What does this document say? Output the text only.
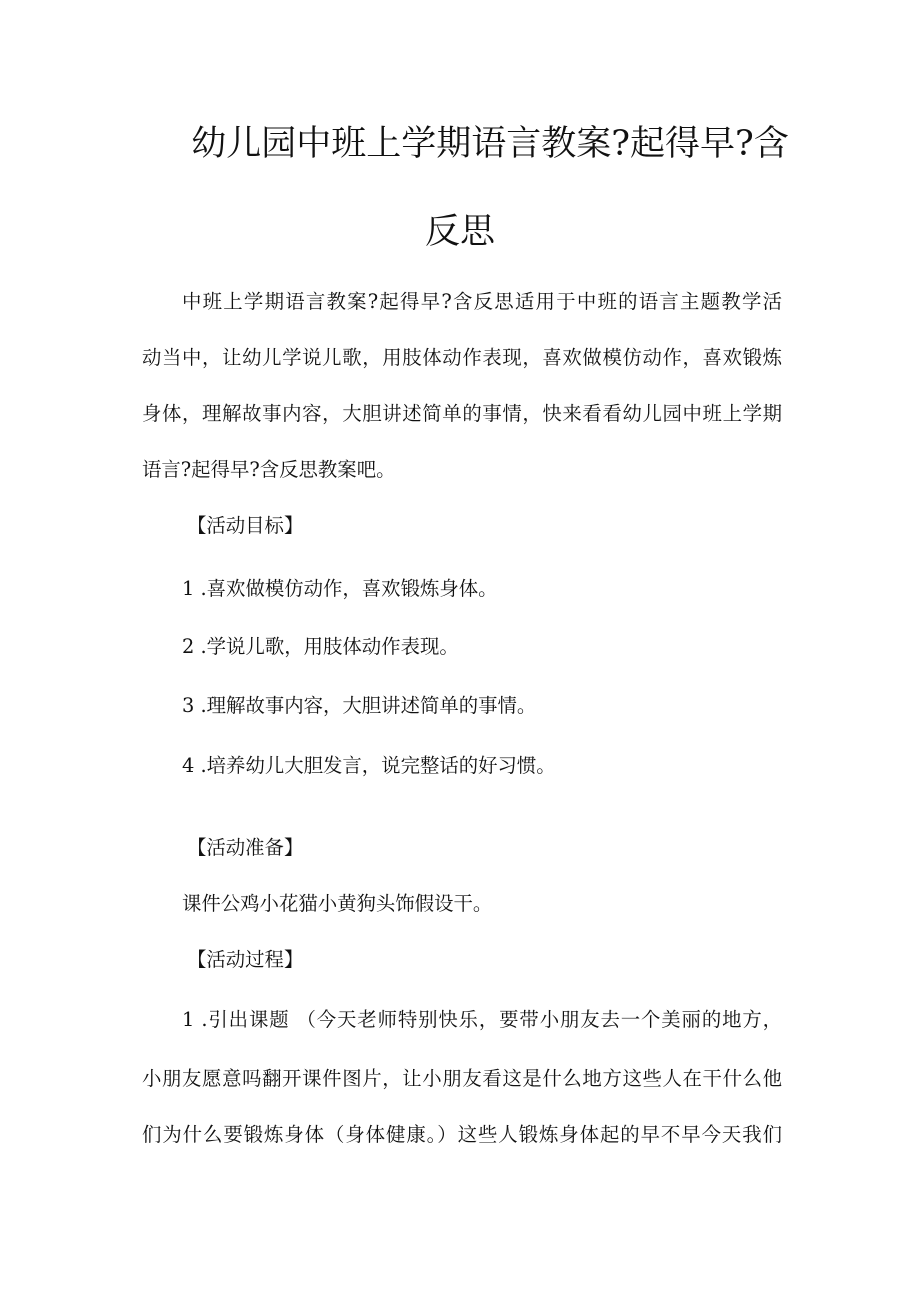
幼儿园中班上学期语言教案?起得早?含
反思
中班上学期语言教案?起得早?含反思适用于中班的语言主题教学活
动当中，让幼儿学说儿歌，用肢体动作表现，喜欢做模仿动作，喜欢锻炼
身体，理解故事内容，大胆讲述简单的事情，快来看看幼儿园中班上学期
语言?起得早?含反思教案吧。
【活动目标】
1 .喜欢做模仿动作，喜欢锻炼身体。
2 .学说儿歌，用肢体动作表现。
3 .理解故事内容，大胆讲述简单的事情。
4 .培养幼儿大胆发言，说完整话的好习惯。
【活动准备】
课件公鸡小花猫小黄狗头饰假设干。
【活动过程】
1 .引出课题 （今天老师特别快乐，要带小朋友去一个美丽的地方，
小朋友愿意吗翻开课件图片，让小朋友看这是什么地方这些人在干什么他
们为什么要锻炼身体（身体健康。）这些人锻炼身体起的早不早今天我们
